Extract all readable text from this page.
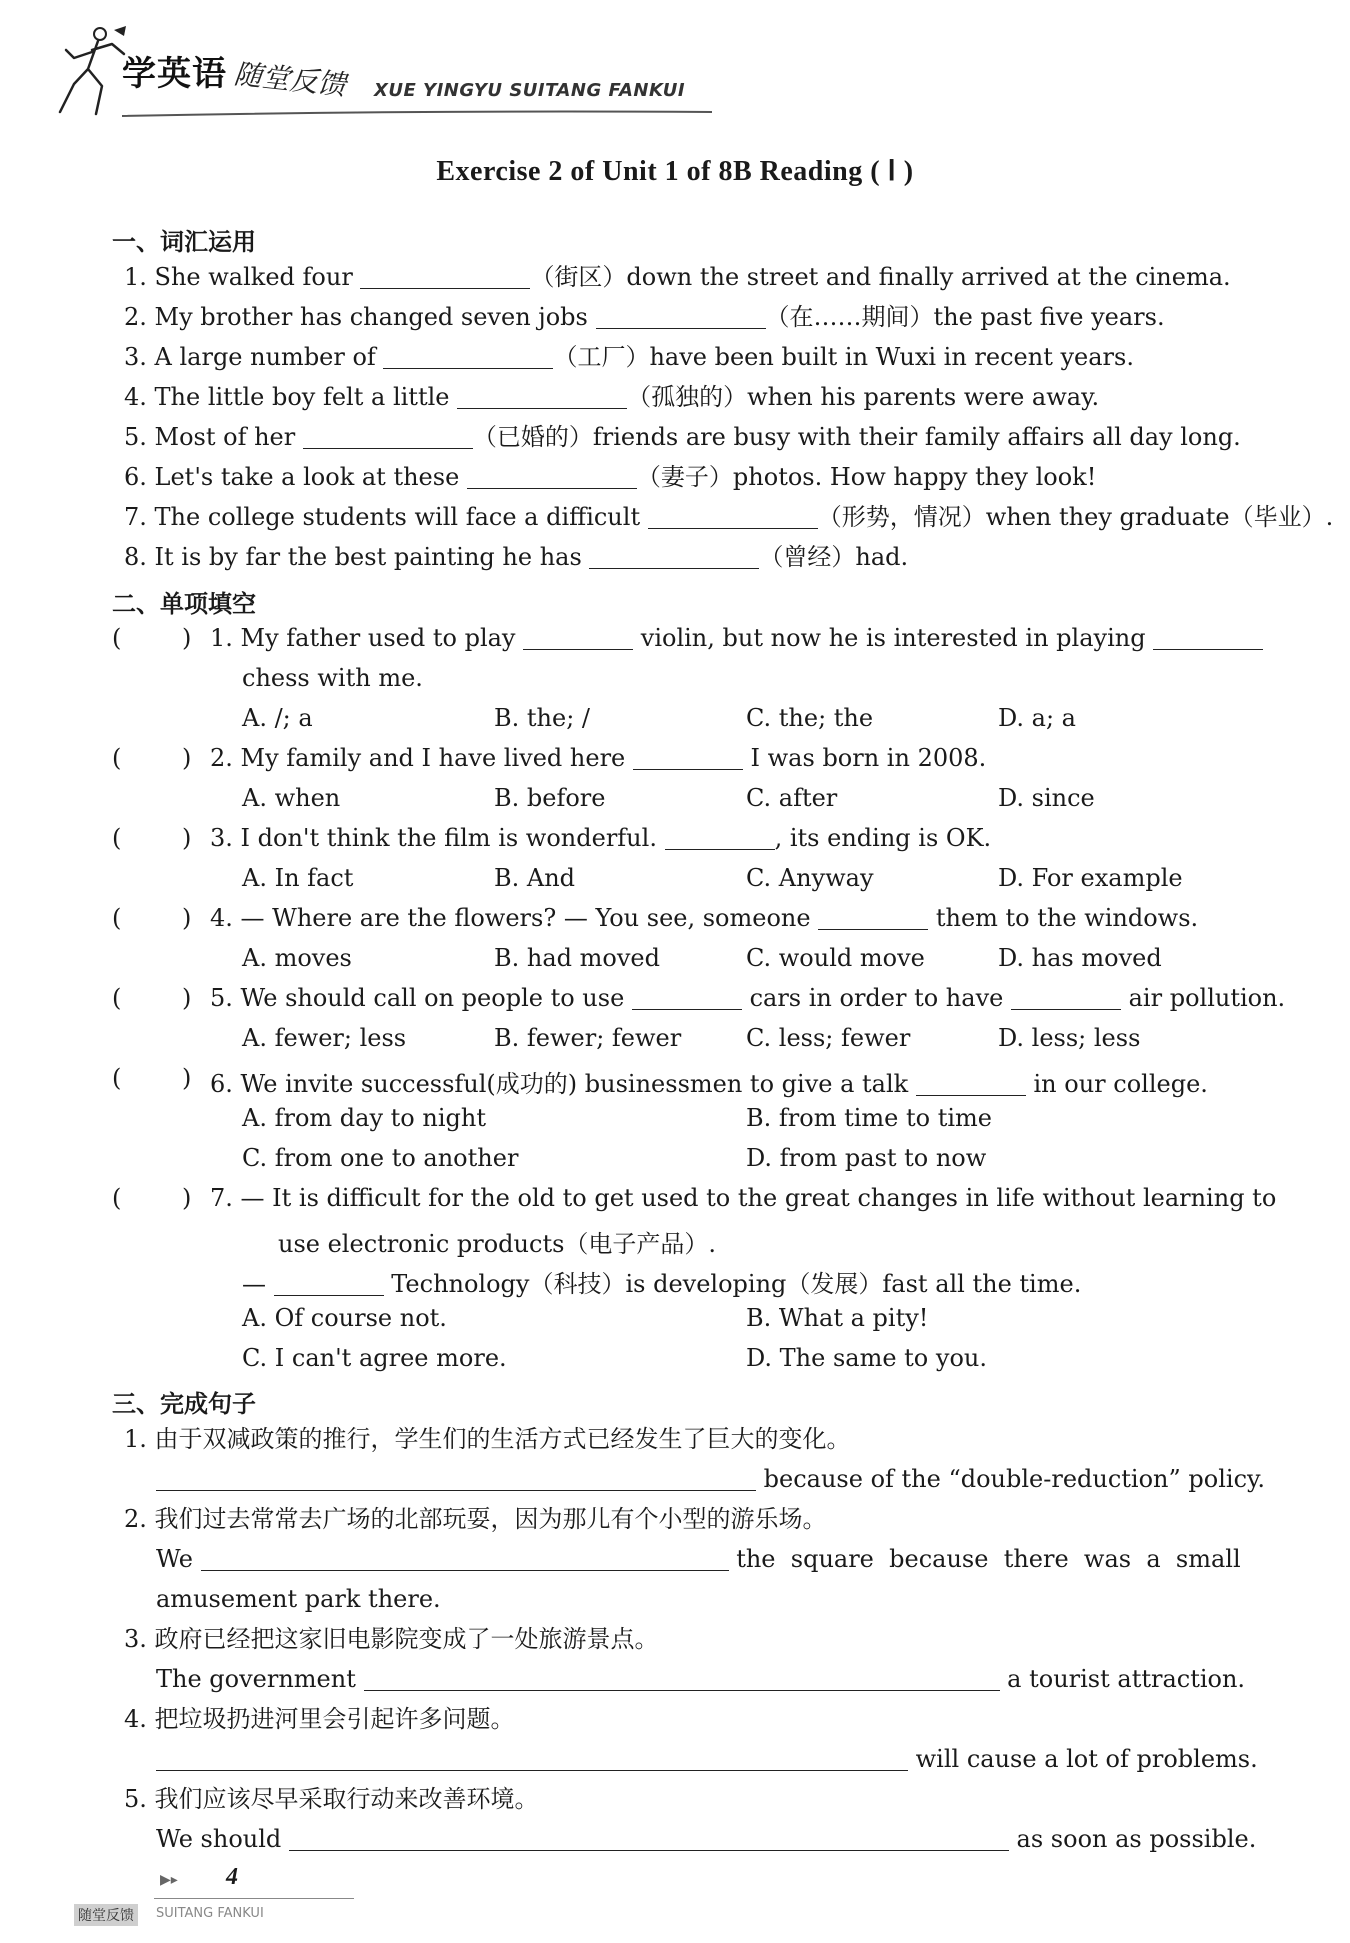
学英语 随堂反馈 XUE YINGYU SUITANG FANKUI
Exercise 2 of Unit 1 of 8B Reading ( Ⅰ )
一、词汇运用
1. She walked four	（街区）down the street and finally arrived at the cinema.
2. My brother has changed seven jobs	（在……期间）the past five years.
3. A large number of	（工厂）have been built in Wuxi in recent years.
4. The little boy felt a little	（孤独的）when his parents were away.
5. Most of her	（已婚的）friends are busy with their family affairs all day long.
6. Let's take a look at these	（妻子）photos. How happy they look!
7. The college students will face a difficult	（形势，情况）when they graduate（毕业）.
8. It is by far the best painting he has	（曾经）had.
二、单项填空
(	) 1. My father used to play	violin, but now he is interested in playing
chess with me.
A. /; a	B. the; /	C. the; the	D. a; a
(	) 2. My family and I have lived here	I was born in 2008.
A. when	B. before	C. after	D. since
(	) 3. I don't think the film is wonderful.	, its ending is OK.
A. In fact	B. And	C. Anyway	D. For example
(	) 4. — Where are the flowers? — You see, someone	them to the windows.
A. moves	B. had moved	C. would move	D. has moved
(	) 5. We should call on people to use	cars in order to have	air pollution.
A. fewer; less	B. fewer; fewer	C. less; fewer	D. less; less
(	) 6. We invite successful(成功的) businessmen to give a talk	in our college.
A. from day to night	B. from time to time
C. from one to another	D. from past to now
(	) 7. — It is difficult for the old to get used to the great changes in life without learning to
use electronic products（电子产品）.
—	Technology（科技）is developing（发展）fast all the time.
A. Of course not.	B. What a pity!
C. I can't agree more.	D. The same to you.
三、完成句子
1. 由于双减政策的推行，学生们的生活方式已经发生了巨大的变化。
because of the “double-reduction” policy.
2. 我们过去常常去广场的北部玩耍，因为那儿有个小型的游乐场。
We	the  square  because  there  was  a  small
amusement park there.
3. 政府已经把这家旧电影院变成了一处旅游景点。
The government	a tourist attraction.
4. 把垃圾扔进河里会引起许多问题。
will cause a lot of problems.
5. 我们应该尽早采取行动来改善环境。
We should	as soon as possible.
▶▸ 4
随堂反馈	SUITANG FANKUI
